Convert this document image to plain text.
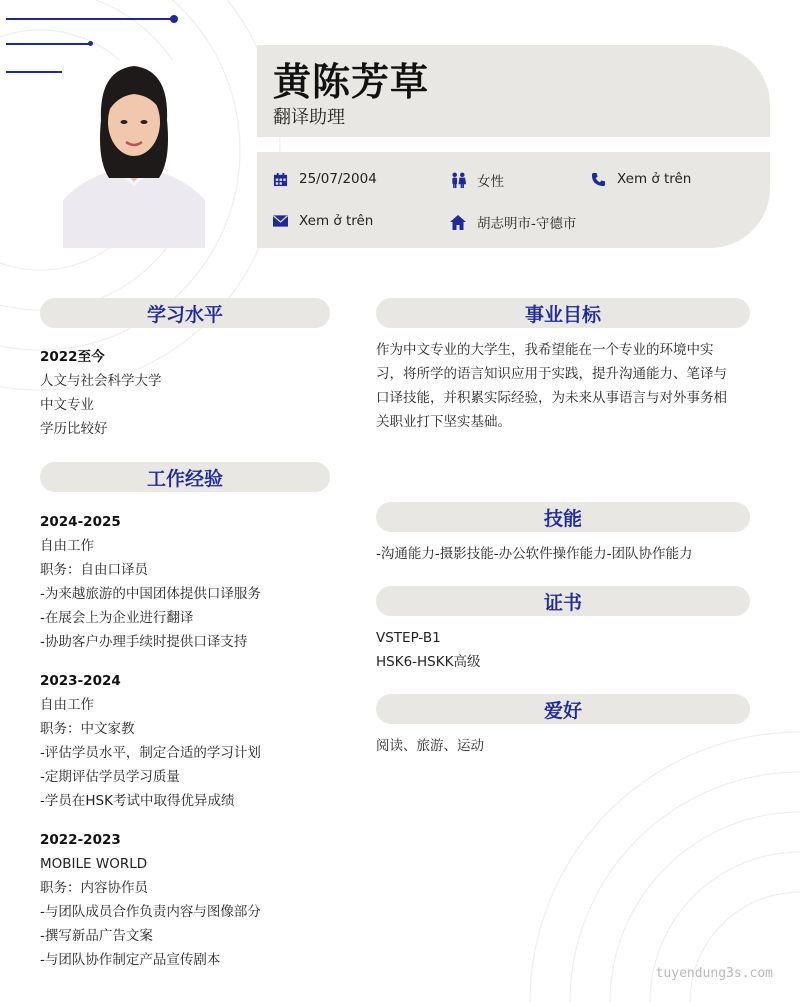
黄陈芳草
翻译助理
25/07/2004	女性	Xem ở trên
Xem ở trên	胡志明市-守德市
学习水平
2022至今
人文与社会科学大学
中文专业
学历比较好
工作经验
2024-2025
自由工作
职务：自由口译员
-为来越旅游的中国团体提供口译服务
-在展会上为企业进行翻译
-协助客户办理手续时提供口译支持
2023-2024
自由工作
职务：中文家教
-评估学员水平，制定合适的学习计划
-定期评估学员学习质量
-学员在HSK考试中取得优异成绩
2022-2023
MOBILE WORLD
职务：内容协作员
-与团队成员合作负责内容与图像部分
-撰写新品广告文案
-与团队协作制定产品宣传剧本
事业目标
作为中文专业的大学生，我希望能在一个专业的环境中实
习，将所学的语言知识应用于实践，提升沟通能力、笔译与
口译技能，并积累实际经验，为未来从事语言与对外事务相
关职业打下坚实基础。
技能
-沟通能力-摄影技能-办公软件操作能力-团队协作能力
证书
VSTEP-B1
HSK6-HSKK高级
爱好
阅读、旅游、运动
tuyendung3s.com
